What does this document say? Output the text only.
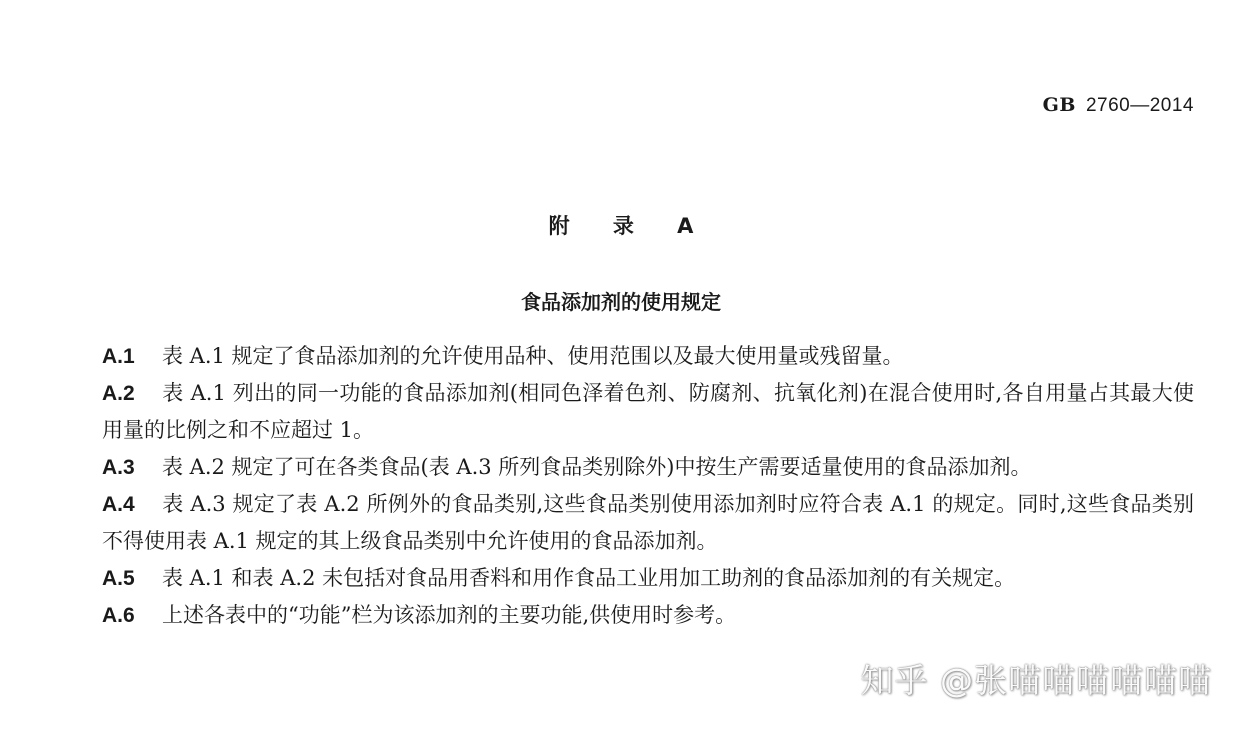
GB 2760—2014
附 录 A
食品添加剂的使用规定

A.1 表 A.1 规定了食品添加剂的允许使用品种、使用范围以及最大使用量或残留量。

A.2 表 A.1 列出的同一功能的食品添加剂(相同色泽着色剂、防腐剂、抗氧化剂)在混合使用时,各自用量占其最大使用量的比例之和不应超过 1。

A.3 表 A.2 规定了可在各类食品(表 A.3 所列食品类别除外)中按生产需要适量使用的食品添加剂。

A.4 表 A.3 规定了表 A.2 所例外的食品类别,这些食品类别使用添加剂时应符合表 A.1 的规定。同时,这些食品类别不得使用表 A.1 规定的其上级食品类别中允许使用的食品添加剂。

A.5 表 A.1 和表 A.2 未包括对食品用香料和用作食品工业用加工助剂的食品添加剂的有关规定。

A.6 上述各表中的“功能”栏为该添加剂的主要功能,供使用时参考。

知乎 @张喵喵喵喵喵喵
